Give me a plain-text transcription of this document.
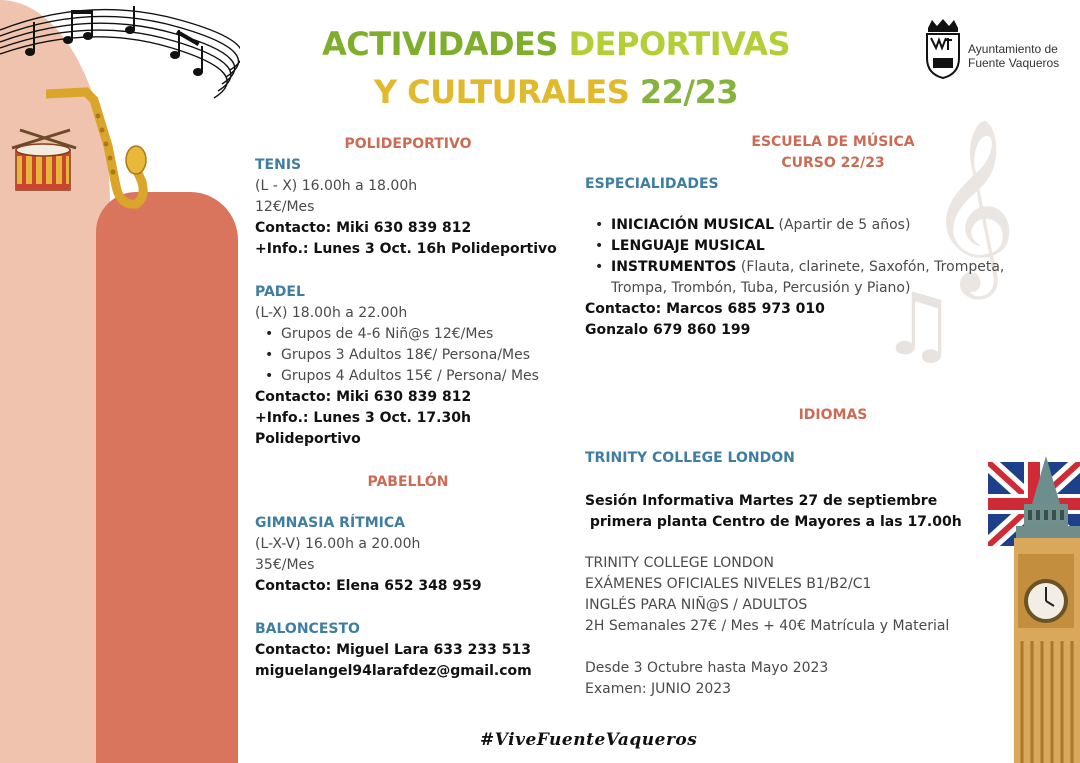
ACTIVIDADES DEPORTIVAS
Y CULTURALES 22/23
Ayuntamiento de
Fuente Vaqueros
POLIDEPORTIVO
TENIS
(L - X) 16.00h a 18.00h
12€/Mes
Contacto: Miki 630 839 812
+Info.: Lunes 3 Oct. 16h Polideportivo
PADEL
(L-X) 18.00h a 22.00h
• Grupos de 4-6 Niñ@s 12€/Mes
• Grupos 3 Adultos 18€/ Persona/Mes
• Grupos 4 Adultos 15€ / Persona/ Mes
Contacto: Miki 630 839 812
+Info.: Lunes 3 Oct. 17.30h Polideportivo
PABELLÓN
GIMNASIA RÍTMICA
(L-X-V) 16.00h a 20.00h
35€/Mes
Contacto: Elena 652 348 959
BALONCESTO
Contacto: Miguel Lara 633 233 513
miguelangel94larafdez@gmail.com
𝄞
♫
ESCUELA DE MÚSICA
CURSO 22/23
ESPECIALIDADES
• INICIACIÓN MUSICAL (Apartir de 5 años)
• LENGUAJE MUSICAL
• INSTRUMENTOS (Flauta, clarinete, Saxofón, Trompeta, Trompa, Trombón, Tuba, Percusión y Piano)
Contacto: Marcos 685 973 010
Gonzalo 679 860 199
IDIOMAS
TRINITY COLLEGE LONDON
Sesión Informativa Martes 27 de septiembre
primera planta Centro de Mayores a las 17.00h
TRINITY COLLEGE LONDON
EXÁMENES OFICIALES NIVELES B1/B2/C1
INGLÉS PARA NIÑ@S / ADULTOS
2H Semanales 27€ / Mes + 40€ Matrícula y Material
Desde 3 Octubre hasta Mayo 2023
Examen: JUNIO 2023
#ViveFuenteVaqueros
